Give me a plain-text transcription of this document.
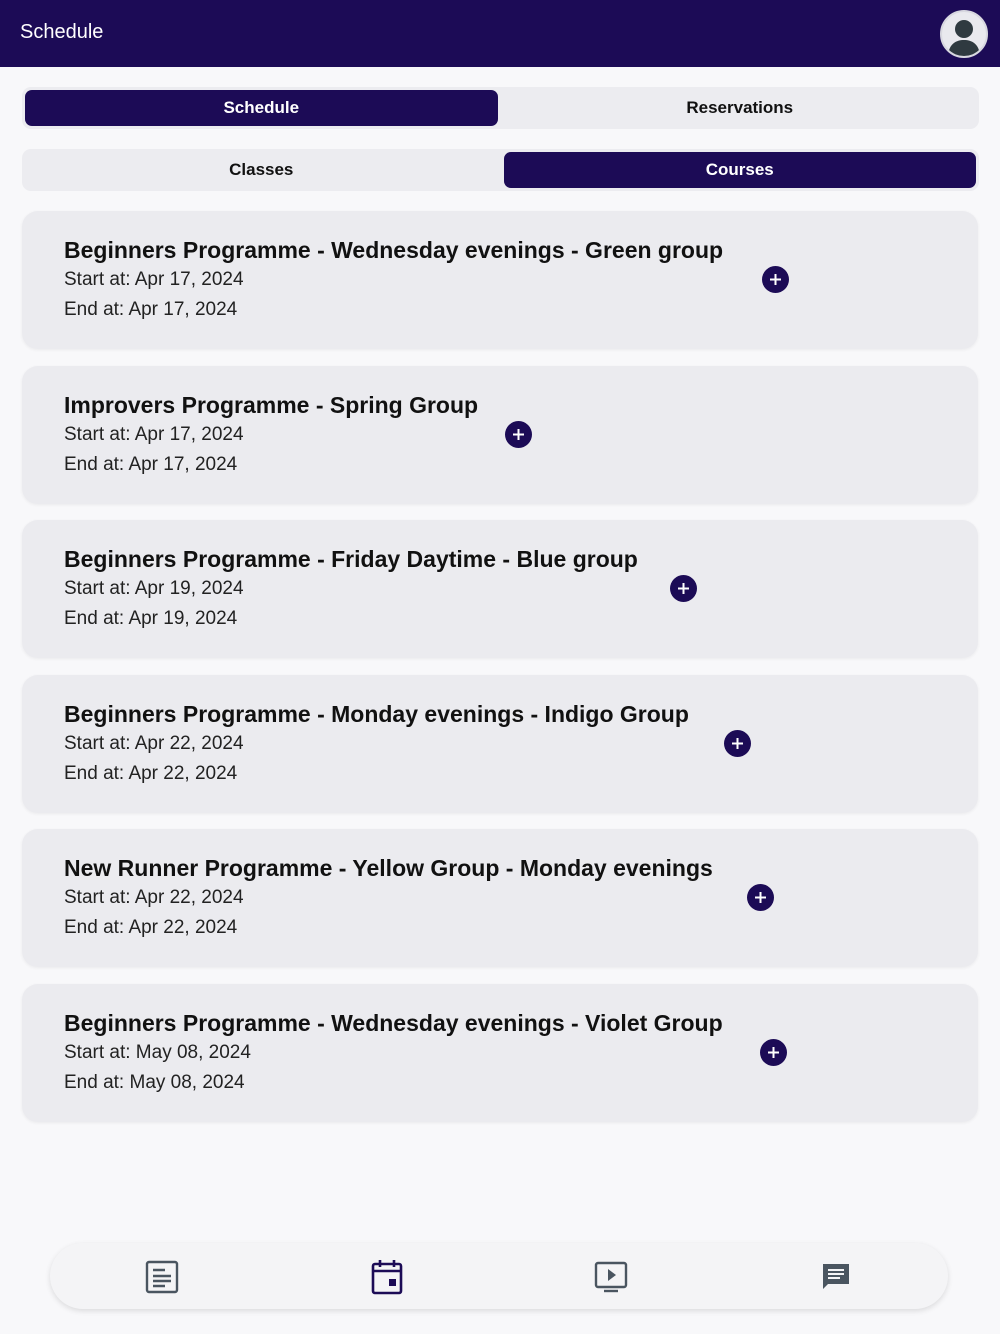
Schedule
Schedule	Reservations
Classes	Courses
Beginners Programme - Wednesday evenings - Green group
Start at: Apr 17, 2024
End at: Apr 17, 2024
Improvers Programme - Spring Group
Start at: Apr 17, 2024
End at: Apr 17, 2024
Beginners Programme - Friday Daytime - Blue group
Start at: Apr 19, 2024
End at: Apr 19, 2024
Beginners Programme - Monday evenings - Indigo Group
Start at: Apr 22, 2024
End at: Apr 22, 2024
New Runner Programme - Yellow Group - Monday evenings
Start at: Apr 22, 2024
End at: Apr 22, 2024
Beginners Programme - Wednesday evenings - Violet Group
Start at: May 08, 2024
End at: May 08, 2024
